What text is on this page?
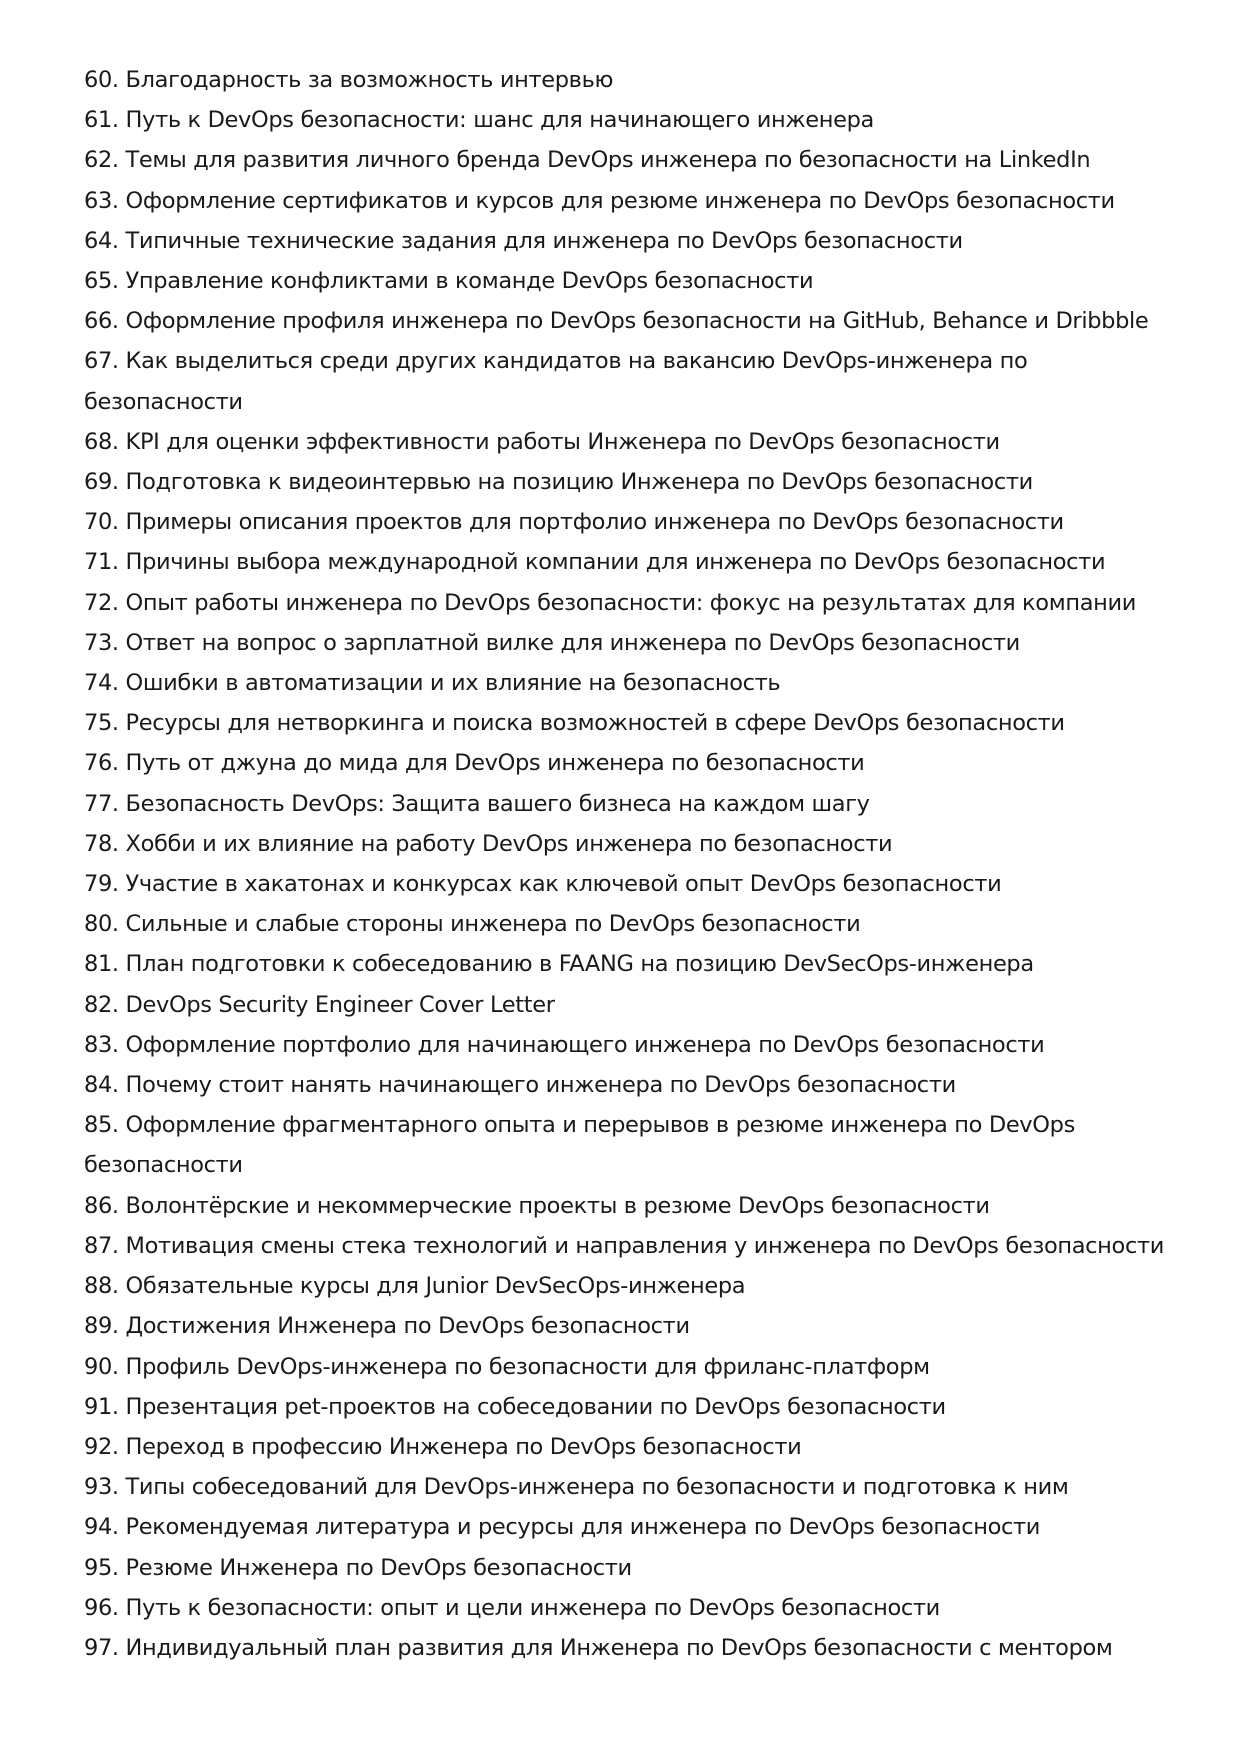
60. Благодарность за возможность интервью
61. Путь к DevOps безопасности: шанс для начинающего инженера
62. Темы для развития личного бренда DevOps инженера по безопасности на LinkedIn
63. Оформление сертификатов и курсов для резюме инженера по DevOps безопасности
64. Типичные технические задания для инженера по DevOps безопасности
65. Управление конфликтами в команде DevOps безопасности
66. Оформление профиля инженера по DevOps безопасности на GitHub, Behance и Dribbble
67. Как выделиться среди других кандидатов на вакансию DevOps-инженера по безопасности
68. KPI для оценки эффективности работы Инженера по DevOps безопасности
69. Подготовка к видеоинтервью на позицию Инженера по DevOps безопасности
70. Примеры описания проектов для портфолио инженера по DevOps безопасности
71. Причины выбора международной компании для инженера по DevOps безопасности
72. Опыт работы инженера по DevOps безопасности: фокус на результатах для компании
73. Ответ на вопрос о зарплатной вилке для инженера по DevOps безопасности
74. Ошибки в автоматизации и их влияние на безопасность
75. Ресурсы для нетворкинга и поиска возможностей в сфере DevOps безопасности
76. Путь от джуна до мида для DevOps инженера по безопасности
77. Безопасность DevOps: Защита вашего бизнеса на каждом шагу
78. Хобби и их влияние на работу DevOps инженера по безопасности
79. Участие в хакатонах и конкурсах как ключевой опыт DevOps безопасности
80. Сильные и слабые стороны инженера по DevOps безопасности
81. План подготовки к собеседованию в FAANG на позицию DevSecOps-инженера
82. DevOps Security Engineer Cover Letter
83. Оформление портфолио для начинающего инженера по DevOps безопасности
84. Почему стоит нанять начинающего инженера по DevOps безопасности
85. Оформление фрагментарного опыта и перерывов в резюме инженера по DevOps безопасности
86. Волонтёрские и некоммерческие проекты в резюме DevOps безопасности
87. Мотивация смены стека технологий и направления у инженера по DevOps безопасности
88. Обязательные курсы для Junior DevSecOps-инженера
89. Достижения Инженера по DevOps безопасности
90. Профиль DevOps-инженера по безопасности для фриланс-платформ
91. Презентация pet-проектов на собеседовании по DevOps безопасности
92. Переход в профессию Инженера по DevOps безопасности
93. Типы собеседований для DevOps-инженера по безопасности и подготовка к ним
94. Рекомендуемая литература и ресурсы для инженера по DevOps безопасности
95. Резюме Инженера по DevOps безопасности
96. Путь к безопасности: опыт и цели инженера по DevOps безопасности
97. Индивидуальный план развития для Инженера по DevOps безопасности с ментором
